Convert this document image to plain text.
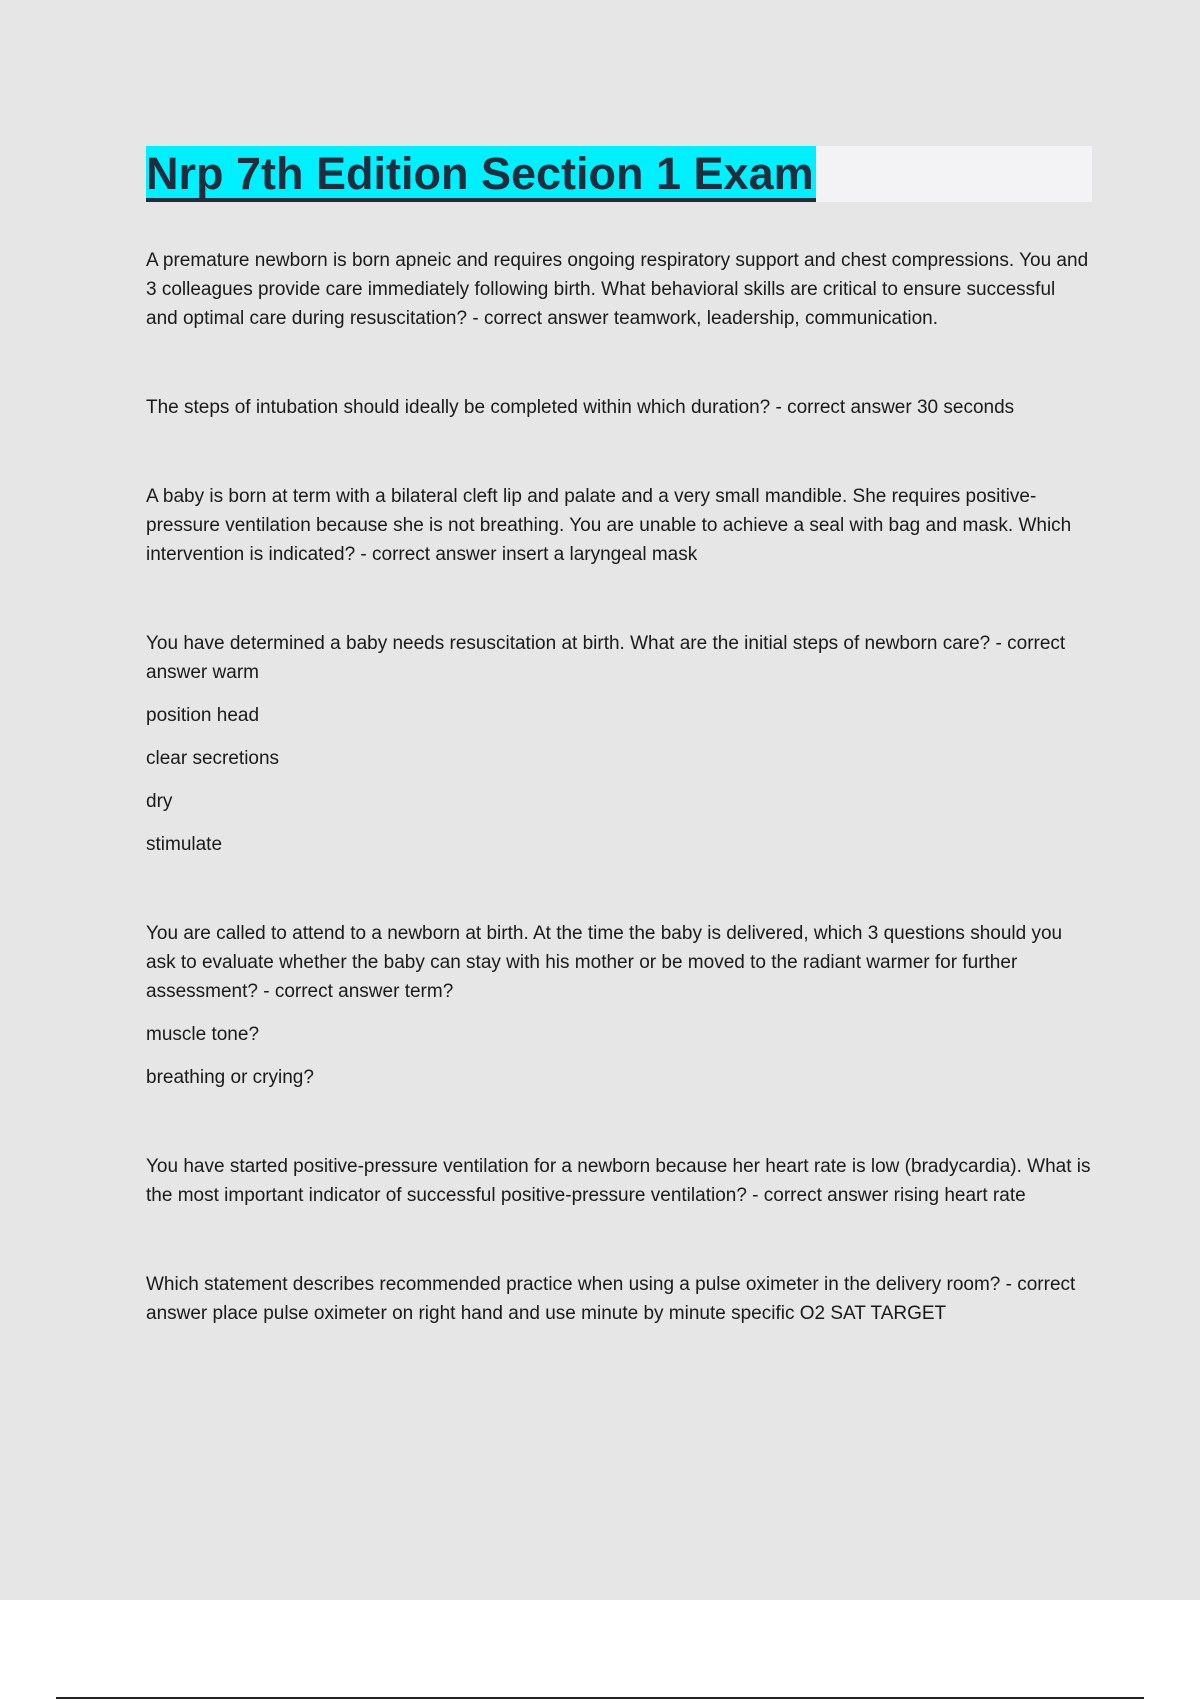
Nrp 7th Edition Section 1 Exam

A premature newborn is born apneic and requires ongoing respiratory support and chest compressions. You and 3 colleagues provide care immediately following birth. What behavioral skills are critical to ensure successful and optimal care during resuscitation? - correct answer teamwork, leadership, communication.

The steps of intubation should ideally be completed within which duration? - correct answer 30 seconds

A baby is born at term with a bilateral cleft lip and palate and a very small mandible. She requires positive-pressure ventilation because she is not breathing. You are unable to achieve a seal with bag and mask. Which intervention is indicated? - correct answer insert a laryngeal mask

You have determined a baby needs resuscitation at birth. What are the initial steps of newborn care? - correct answer warm

position head

clear secretions

dry

stimulate

You are called to attend to a newborn at birth. At the time the baby is delivered, which 3 questions should you ask to evaluate whether the baby can stay with his mother or be moved to the radiant warmer for further assessment? - correct answer term?

muscle tone?

breathing or crying?

You have started positive-pressure ventilation for a newborn because her heart rate is low (bradycardia). What is the most important indicator of successful positive-pressure ventilation? - correct answer rising heart rate

Which statement describes recommended practice when using a pulse oximeter in the delivery room? - correct answer place pulse oximeter on right hand and use minute by minute specific O2 SAT TARGET
